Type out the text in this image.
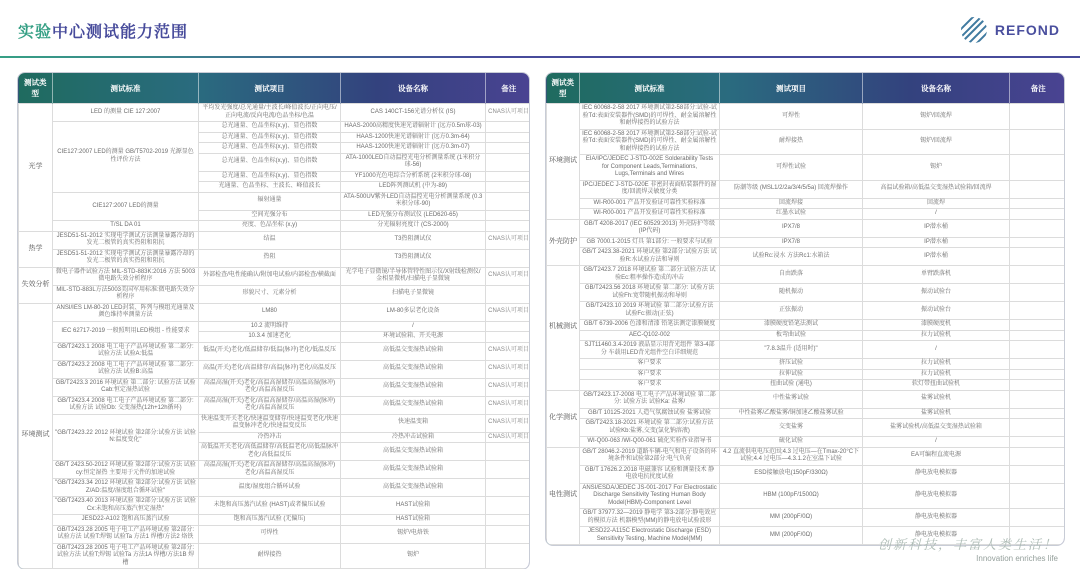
实验中心测试能力范围	REFOND
测试类型	测试标准	测试项目	设备名称	备注
光学	LED 的测量 CIE 127:2007	平均发光强度/总光通量/主波长/峰值波长/正向电压/正向电流/反向电流/色品坐标/色温	CAS 140CT-156光谱分析仪 (IS)	CNAS认可项目
	CIE127:2007 LED的测量 GB/T5702-2019 光源显色性评价方法	总光通量、色品坐标(x,y)、显色指数	HAAS-2000高精度快速光谱辐射计 (远方0.5m球-03)	
		总光通量、色品坐标(x,y)、显色指数	HAAS-1200快速光谱辐射计 (远方0.3m-64)	
		总光通量、色品坐标(x,y)、显色指数	HAAS-1200快速光谱辐射计 (远方0.3m-07)	
		总光通量、色品坐标(x,y)、显色指数	ATA-1000LED自动温控光电分析测量系统 (1米积分球-56)	
		总光通量、色品坐标(x,y)、显色指数	YF1000光色电综合分析系统 (2米积分球-08)	
		光通量、色品坐标、主波长、峰值波长	LED阵列测试机 (中为-89)	
	CIE127:2007 LED的测量	辐射通量	ATA-500UV紫外LED自动温控光电分析测量系统 (0.3米积分球-90)	
		空间光强分布	LED光强分布测试仪 (LED620-65)	
	T/SL DA 01	亮度、色品坐标 (x,y)	分光辐射亮度计 (CS-2000)	
热学	JESD51-51-2012 实现电学测试方法测量暴露冷却的发光二极管的真实热阻和阻抗	结温	T3热阻测试仪	CNAS认可项目
	JESD51-51-2012 实现电学测试方法测量暴露冷却的发光二极管的真实热阻和阻抗	热阻	T3热阻测试仪	
失效分析	微电子器件试验方法 MIL-STD-883K:2016 方法 5003 微电路失效分析程序	外部检查/电性能确认/附加电试验/内部检查/横截面	光学电子显微镜/半导体管特性图示仪/X射线检测仪/金相显微机/扫描电子显微镜	CNAS认可项目
	MIL-STD-883L方法5003美国军用标准:微电路失效分析程序	形貌尺寸、元素分析	扫描电子显微镜	
环境测试	ANSI/IES LM-80-20 LED封装、阵列与模组光通量及颜色维持率测量方法	LM80	LM-80多层老化设备	CNAS认可项目
	IEC 62717-2019 一般照明用LED模组 - 性能要求	10.2 流明维持	/	
		10.3.4 加速老化	环境试验箱、开关电源	
	GB/T2423.1 2008 电工电子产品环境试验 第二部分: 试验方法 试验A:低温	低温(开关)老化/低温储存/低温(脉冲)老化/低温反压	高低温交变湿热试验箱	CNAS认可项目
	GB/T2423.2 2008 电工电子产品环境试验 第二部分: 试验方法 试验B:高温	高温(开关)老化/高温储存/高温(脉冲)老化/高温反压	高低温交变湿热试验箱	CNAS认可项目
	GB/T2423.3 2016 环境试验 第二部分: 试验方法 试验Cab:恒定湿热试验	高温高湿(开关)老化/高温高湿储存/高温高湿(脉冲)老化/高温高湿反压	高低温交变湿热试验箱	CNAS认可项目
	GB/T2423.4 2008 电工电子产品环境试验 第二部分: 试验方法 试验Db: 交变湿热(12h+12h循环)	高温高湿(开关)老化/高温高湿储存/高温高湿(脉冲)老化/高温高湿反压	高低温交变湿热试验箱	CNAS认可项目
	"GB/T2423.22 2012 环境试验 第2部分:试验方法 试验N:温度变化"	快速温变开关老化/快速温变储存/快速温变老化/快速温变脉冲老化/快速温变反压	快速温变箱	CNAS认可项目
		冷热冲击	冷热冲击试验箱	CNAS认可项目
		高低温开关老化/高低温储存/高低温老化/高低温脉冲老化/高低温反压	高低温交变湿热试验箱	
	GB/T 2423.50-2012 环境试验 第2部分:试验方法 试验cy:恒定湿热 主要用于元件的加速试验	高温高湿(开关)老化/高温高湿储存/高温高湿(脉冲)老化/高温高湿反压	高低温交变湿热试验箱	
	"GB/T2423.34 2012 环境试验 第2部分:试验方法 试验Z/AD:温度/湿度组合循环试验"	温度/湿度组合循环试验	高低温交变湿热试验箱	
	"GB/T2423.40 2013 环境试验 第2部分:试验方法 试验Cx:未饱和高压蒸汽恒定湿热"	未饱和高压蒸汽试验 (HAST)或者偏压试验	HAST试验箱	
	JESD22-A102 饱和高压蒸汽试验	饱和高压蒸汽试验 (无偏压)	HAST试验箱	
	GB/T2423.28 2005 电子电工产品环境试验 第2部分: 试验方法 试验T:焊锡 试验Ta 方法1 焊槽/方法2 烙铁	可焊性	锡炉/电烙铁	
	GB/T2423.28 2005 电子电工产品环境试验 第2部分:试验方法 试验T;焊锡 试验Ta 方法1A 焊槽/方法1B 焊槽	耐焊接热	锡炉	
测试类型	测试标准	测试项目	设备名称	备注
环境测试	IEC 60068-2-58 2017 环境测试第2-58部分:试验-试验Td:表面安装器件(SMD)的可焊性、耐金属溶解性和耐焊接热的试验方法	可焊性	锡炉/回流焊	
	IEC 60068-2-58 2017 环境测试第2-58部分:试验-试验Td:表面安装器件(SMD)的可焊性、耐金属溶解性和耐焊接热的试验方法	耐焊接热	锡炉/回流焊	
	EIA/IPC/JEDEC J-STD-002E Solderability Tests for Component Leads,Terminations, Lugs,Terminals and Wires	可焊性试验	锡炉	
	IPC/JEDEC J-STD-020E 非密封表面贴装器件的湿度/回流焊灵敏度分类	防潮等级 (MSL1/2/2a/3/4/5/5a) 回流焊操作	高温试验箱/高低温交变湿热试验箱/回流焊	
	WI-R00-001 产品开发验证可靠性实验标准	回流焊接	回流焊	
	WI-R00-001 产品开发验证可靠性实验标准	红墨水试验	/	
外壳防护	GB/T 4208-2017 (IEC 60529:2013) 外壳防护等级(IP代码)	IPX7/8	IP潜水桶	
	GB 7000.1-2015 灯具 第1部分: 一般要求与试验	IPX7/8	IP潜水桶	
	GB/T 2423.38-2021 环境试验 第2部分:试验方法 试验R:水试验方法和导则	试验Rc:浸水 方法Rc1:水箱法	IP潜水桶	
机械测试	GB/T2423.7 2018 环境试验 第二部分:试验方法 试验Ec:粗率操作造成的冲击	自由跌落	单臂跌落机	
	GB/T2423.56 2018 环境试验 第二部分: 试验方法 试验Fh:宽带随机振动和导则	随机振动	振动试验台	
	GB/T2423.10 2019 环境试验 第二部分:试验方法 试验Fc:振动(正弦)	正弦振动	振动试验台	
	GB/T 6739-2006 色漆和清漆 铅笔法测定漆膜硬度	漆膜硬度铅笔法测试	漆膜硬度机	
	AEC-Q102-002	板弯曲试验	拉力试验机	
	SJT11460.3.4-2019 液晶显示用背光组件 第3-4部分 车载用LED背光组件空白详细规范	"7.8.3温升 (适用时)"	/	
	客户要求	挤压试验	拉力试验机	
	客户要求	拉伸试验	拉力试验机	
	客户要求	扭曲试验 (通电)	软灯带扭曲试验机	
化学测试	GB/T2423.17-2008 电工电子产品环境试验 第二部分: 试验方法 试验Ka: 盐雾/	中性盐雾试验	盐雾试验机	
	GB/T 10125-2021 人造气氛腐蚀试验 盐雾试验	中性盐雾/乙酸盐雾/铜加速乙酸盐雾试验	盐雾试验机	
	GB/T2423.18-2021 环境试验 第二部分:试验方法 试验Kb:盐雾,交变(氯化钠溶液)	交变盐雾	盐雾试验机/高低温交变湿热试验箱	
	WI-Q00-063 /WI-Q00-061 硫化实验作业指导书	硫化试验	/	
电性测试	GB/T 28046.2-2019 道路车辆-电气和电子设备的环境条件和试验第2部分:电气负荷	4.2 直流供电电压范围;4.3 过电压—在Tmax-20°C下试验;4.4 过电压—4.3.1.2在室温下试验	EA可编程直流电源	
	GB/T 17626.2.2018 电磁兼容 试验和测量技术 静电放电抗扰度试验	ESD接触放电(150pF/330Ω)	静电放电模拟器	
	ANSI/ESDA/JEDEC JS-001-2017 For Electrostatic Discharge Sensitivity Testing Human Body Model(HBM)-Component Level	HBM (100pF/1500Ω)	静电放电模拟器	
	GB/T 37977.32—2019 静电学 第3-2部分:静电效应的模拟方法 机器模型(MM)的静电放电试验波形	MM (200pF/0Ω)	静电放电模拟器	
	JESD22-A115C Electrostatic Discharge (ESD) Sensitivity Testing, Machine Model(MM)	MM (200pF/0Ω)	静电放电模拟器	
创新科技，丰富人类生活！
Innovation enriches life
